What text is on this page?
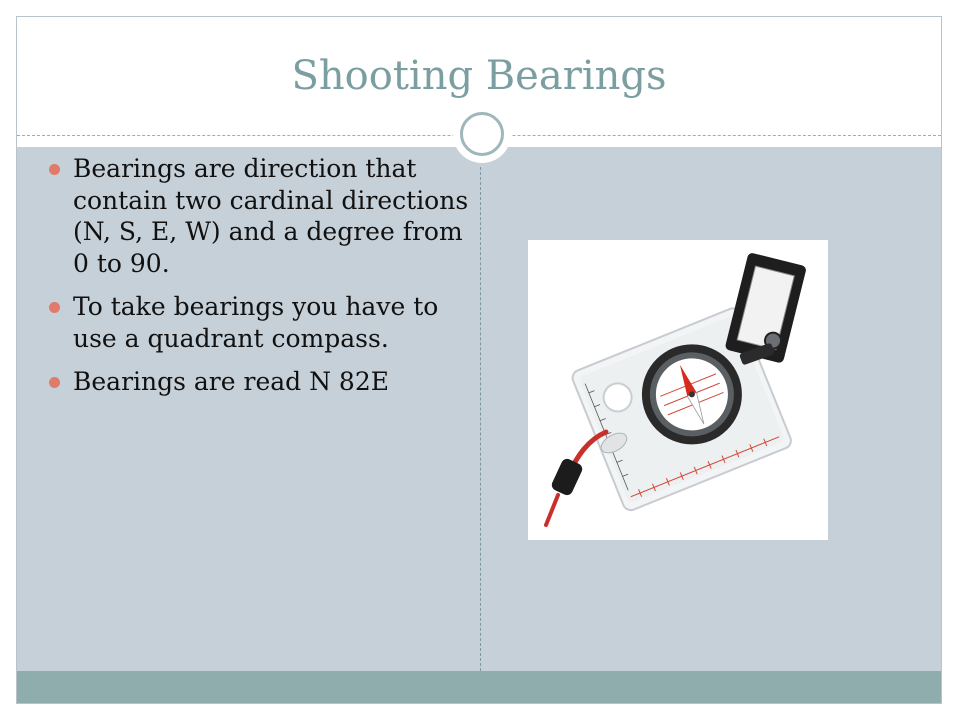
Shooting Bearings
Bearings are direction that contain two cardinal directions (N, S, E, W) and a degree from 0 to 90.
To take bearings you have to use a quadrant compass.
Bearings are read N 82E
